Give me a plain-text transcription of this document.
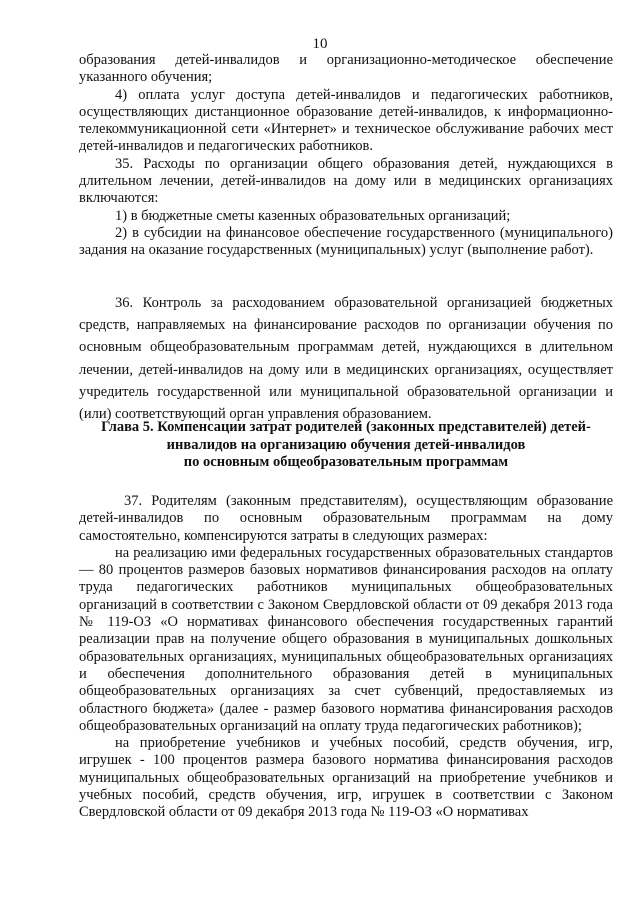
10

образования детей-инвалидов и организационно-методическое обеспечение указанного обучения;

4) оплата услуг доступа детей-инвалидов и педагогических работников, осуществляющих дистанционное образование детей-инвалидов, к информационно-телекоммуникационной сети «Интернет» и техническое обслуживание рабочих мест детей-инвалидов и педагогических работников.

35. Расходы по организации общего образования детей, нуждающихся в длительном лечении, детей-инвалидов на дому или в медицинских организациях включаются:

1) в бюджетные сметы казенных образовательных организаций;

2) в субсидии на финансовое обеспечение государственного (муниципального) задания на оказание государственных (муниципальных) услуг (выполнение работ).

36. Контроль за расходованием образовательной организацией бюджетных средств, направляемых на финансирование расходов по организации обучения по основным общеобразовательным программам детей, нуждающихся в длительном лечении, детей-инвалидов на дому или в медицинских организациях, осуществляет учредитель государственной или муниципальной образовательной организации и (или) соответствующий орган управления образованием.

Глава 5. Компенсации затрат родителей (законных представителей) детей-
инвалидов на организацию обучения детей-инвалидов
по основным общеобразовательным программам

37. Родителям (законным представителям), осуществляющим образование детей-инвалидов по основным образовательным программам на дому самостоятельно, компенсируются затраты в следующих размерах:

на реализацию ими федеральных государственных образовательных стандартов — 80 процентов размеров базовых нормативов финансирования расходов на оплату труда педагогических работников муниципальных общеобразовательных организаций в соответствии с Законом Свердловской области от 09 декабря 2013 года № 119-ОЗ «О нормативах финансового обеспечения государственных гарантий реализации прав на получение общего образования в муниципальных дошкольных образовательных организациях, муниципальных общеобразовательных организациях и обеспечения дополнительного образования детей в муниципальных общеобразовательных организациях за счет субвенций, предоставляемых из областного бюджета» (далее - размер базового норматива финансирования расходов общеобразовательных организаций на оплату труда педагогических работников);

на приобретение учебников и учебных пособий, средств обучения, игр, игрушек - 100 процентов размера базового норматива финансирования расходов муниципальных общеобразовательных организаций на приобретение учебников и учебных пособий, средств обучения, игр, игрушек в соответствии с Законом Свердловской области от 09 декабря 2013 года № 119-ОЗ «О нормативах
